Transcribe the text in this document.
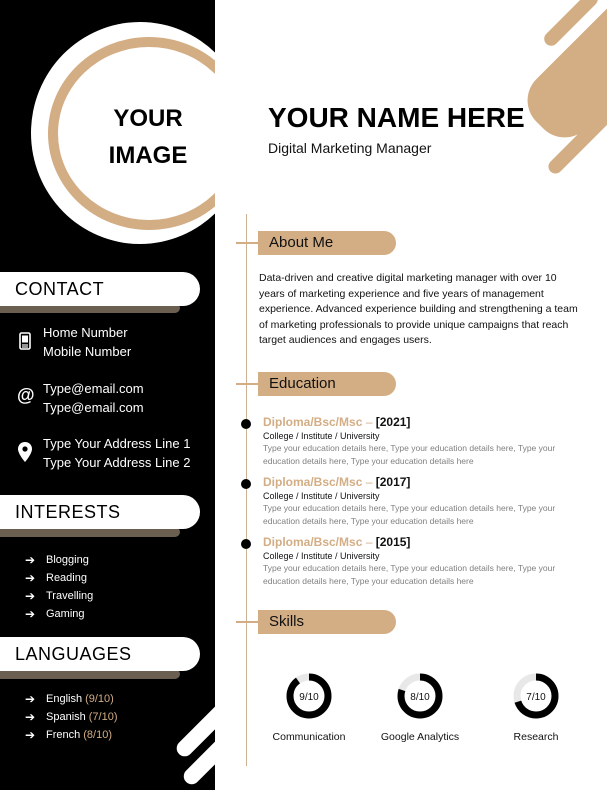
YOUR
IMAGE
CONTACT
Home Number
Mobile Number
@ Type@email.com
Type@email.com
Type Your Address Line 1
Type Your Address Line 2
INTERESTS
➔ Blogging
➔ Reading
➔ Travelling
➔ Gaming
LANGUAGES
➔ English (9/10)
➔ Spanish (7/10)
➔ French (8/10)
YOUR NAME HERE
Digital Marketing Manager
About Me
Data-driven and creative digital marketing manager with over 10 years of marketing experience and five years of management experience. Advanced experience building and strengthening a team of marketing professionals to provide unique campaigns that reach target audiences and engages users.
Education
Diploma/Bsc/Msc – [2021]
College / Institute / University
Type your education details here, Type your education details here, Type your education details here, Type your education details here
Diploma/Bsc/Msc – [2017]
College / Institute / University
Type your education details here, Type your education details here, Type your education details here, Type your education details here
Diploma/Bsc/Msc – [2015]
College / Institute / University
Type your education details here, Type your education details here, Type your education details here, Type your education details here
Skills
9/10
Communication
8/10
Google Analytics
7/10
Research
